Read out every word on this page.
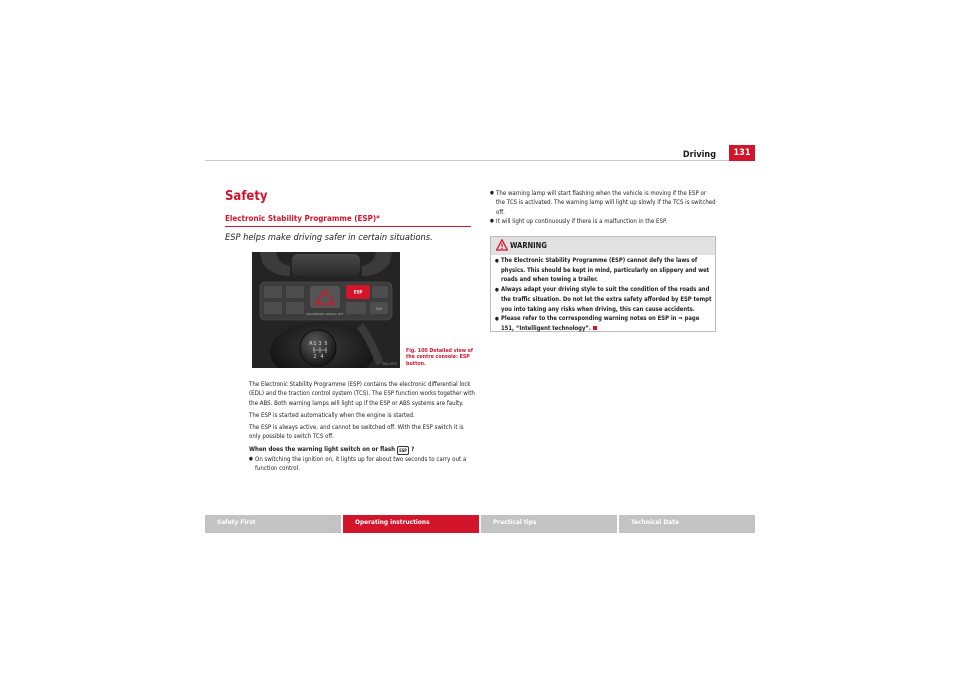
Driving	131
Safety
Electronic Stability Programme (ESP)*
ESP helps make driving safer in certain situations.
PASSENGER AIRBAG OFF
ESP
AUX
R 1 3 5
2 4
B6J-0039
Fig. 100 Detailed view of the centre console: ESP button.

The Electronic Stability Programme (ESP) contains the electronic differential lock (EDL) and the traction control system (TCS). The ESP function works together with the ABS. Both warning lamps will light up if the ESP or ABS systems are faulty.

The ESP is started automatically when the engine is started.

The ESP is always active, and cannot be switched off. With the ESP switch it is only possible to switch TCS off.

When does the warning light switch on or flash ESP ?

● On switching the ignition on, it lights up for about two seconds to carry out a function control.

● The warning lamp will start flashing when the vehicle is moving if the ESP or the TCS is activated. The warning lamp will light up slowly if the TCS is switched off.

● It will light up continuously if there is a malfunction in the ESP.

WARNING

● The Electronic Stability Programme (ESP) cannot defy the laws of physics. This should be kept in mind, particularly on slippery and wet roads and when towing a trailer.

● Always adapt your driving style to suit the condition of the roads and the traffic situation. Do not let the extra safety afforded by ESP tempt you into taking any risks when driving, this can cause accidents.

● Please refer to the corresponding warning notes on ESP in ⇒ page 151, “Intelligent technology”.

Safety First	Operating instructions	Practical tips	Technical Data
